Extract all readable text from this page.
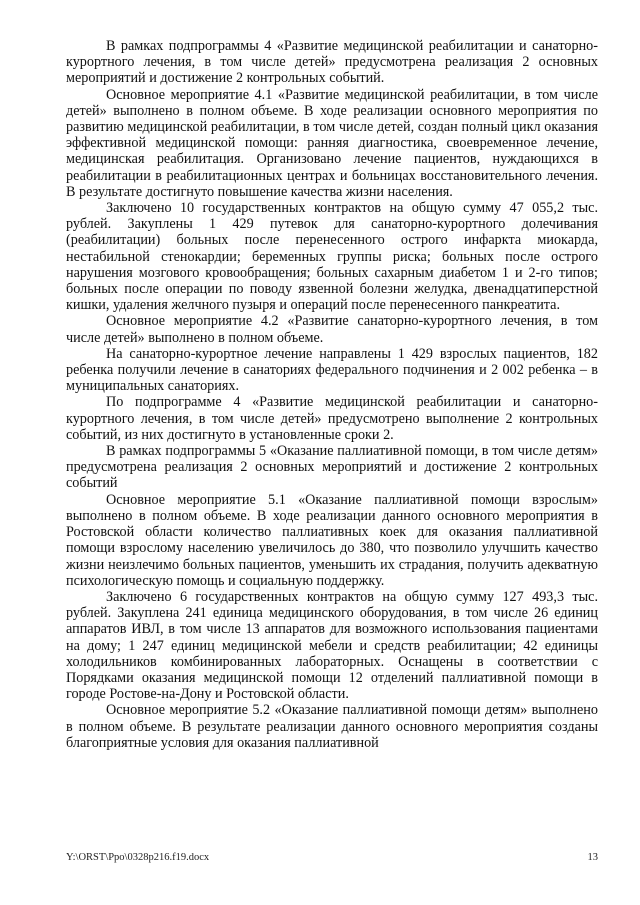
В рамках подпрограммы 4 «Развитие медицинской реабилитации и санаторно-курортного лечения, в том числе детей» предусмотрена реализация 2 основных мероприятий и достижение 2 контрольных событий.

Основное мероприятие 4.1 «Развитие медицинской реабилитации, в том числе детей» выполнено в полном объеме. В ходе реализации основного мероприятия по развитию медицинской реабилитации, в том числе детей, создан полный цикл оказания эффективной медицинской помощи: ранняя диагностика, своевременное лечение, медицинская реабилитация. Организовано лечение пациентов, нуждающихся в реабилитации в реабилитационных центрах и больницах восстановительного лечения. В результате достигнуто повышение качества жизни населения.

Заключено 10 государственных контрактов на общую сумму 47 055,2 тыс. рублей. Закуплены 1 429 путевок для санаторно-курортного долечивания (реабилитации) больных после перенесенного острого инфаркта миокарда, нестабильной стенокардии; беременных группы риска; больных после острого нарушения мозгового кровообращения; больных сахарным диабетом 1 и 2-го типов; больных после операции по поводу язвенной болезни желудка, двенадцатиперстной кишки, удаления желчного пузыря и операций после перенесенного панкреатита.

Основное мероприятие 4.2 «Развитие санаторно-курортного лечения, в том числе детей» выполнено в полном объеме.

На санаторно-курортное лечение направлены 1 429 взрослых пациентов, 182 ребенка получили лечение в санаториях федерального подчинения и 2 002 ребенка – в муниципальных санаториях.

По подпрограмме 4 «Развитие медицинской реабилитации и санаторно-курортного лечения, в том числе детей» предусмотрено выполнение 2 контрольных событий, из них достигнуто в установленные сроки 2.

В рамках подпрограммы 5 «Оказание паллиативной помощи, в том числе детям» предусмотрена реализация 2 основных мероприятий и достижение 2 контрольных событий

Основное мероприятие 5.1 «Оказание паллиативной помощи взрослым» выполнено в полном объеме. В ходе реализации данного основного мероприятия в Ростовской области количество паллиативных коек для оказания паллиативной помощи взрослому населению увеличилось до 380, что позволило улучшить качество жизни неизлечимо больных пациентов, уменьшить их страдания, получить адекватную психологическую помощь и социальную поддержку.

Заключено 6 государственных контрактов на общую сумму 127 493,3 тыс. рублей. Закуплена 241 единица медицинского оборудования, в том числе 26 единиц аппаратов ИВЛ, в том числе 13 аппаратов для возможного использования пациентами на дому; 1 247 единиц медицинской мебели и средств реабилитации; 42 единицы холодильников комбинированных лабораторных. Оснащены в соответствии с Порядками оказания медицинской помощи 12 отделений паллиативной помощи в городе Ростове-на-Дону и Ростовской области.

Основное мероприятие 5.2 «Оказание паллиативной помощи детям» выполнено в полном объеме. В результате реализации данного основного мероприятия созданы благоприятные условия для оказания паллиативной

Y:\ORST\Ppo\0328p216.f19.docx	13
